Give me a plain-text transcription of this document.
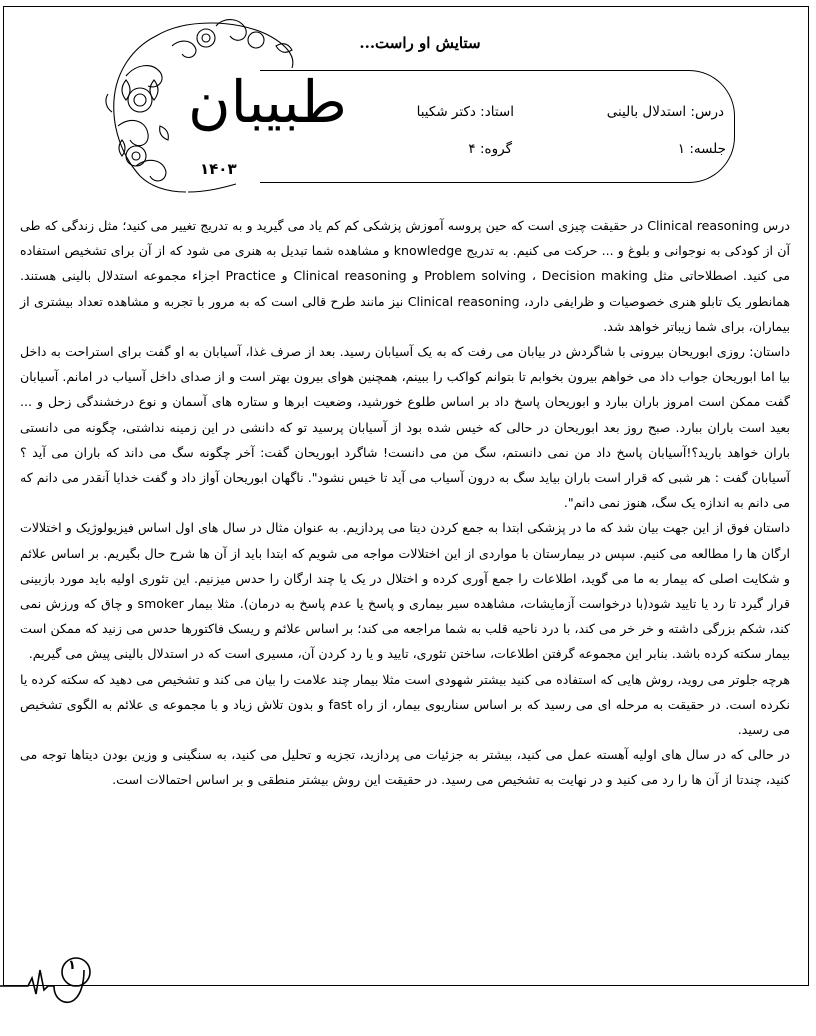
طبیبان
۱۴۰۳
ستایش او راست...
درس: استدلال بالینی
استاد: دکتر شکیبا
جلسه: ۱
گروه: ۴

درس Clinical reasoning در حقیقت چیزی است که حین پروسه آموزش پزشکی کم کم یاد می گیرید و به تدریج تغییر می کنید؛ مثل زندگی که طی آن از کودکی به نوجوانی و بلوغ و ... حرکت می کنیم. به تدریج knowledge و مشاهده شما تبدیل به هنری می شود که از آن برای تشخیص استفاده می کنید. اصطلاحاتی مثل Problem solving ، Decision making و Clinical reasoning و Practice اجزاء مجموعه استدلال بالینی هستند. همانطور یک تابلو هنری خصوصیات و ظرایفی دارد، Clinical reasoning نیز مانند طرح قالی است که به مرور با تجربه و مشاهده تعداد بیشتری از بیماران، برای شما زیباتر خواهد شد.

داستان: روزی ابوریحان بیرونی با شاگردش در بیابان می رفت که به یک آسیابان رسید. بعد از صرف غذا، آسیابان به او گفت برای استراحت به داخل بیا اما ابوریحان جواب داد می خواهم بیرون بخوابم تا بتوانم کواکب را ببینم، همچنین هوای بیرون بهتر است و از صدای داخل آسیاب در امانم. آسیابان گفت ممکن است امروز باران ببارد و ابوریحان پاسخ داد بر اساس طلوع خورشید، وضعیت ابرها و ستاره های آسمان و نوع درخشندگی زحل و ... بعید است باران ببارد. صبح روز بعد ابوریحان در حالی که خیس شده بود از آسیابان پرسید تو که دانشی در این زمینه نداشتی، چگونه می دانستی باران خواهد بارید؟!آسیابان پاسخ داد من نمی دانستم، سگ من می دانست! شاگرد ابوریحان گفت: آخر چگونه سگ می داند که باران می آید ؟ آسیابان گفت : هر شبی که قرار است باران بیاید سگ به درون آسیاب می آید تا خیس نشود". ناگهان ابوریحان آواز داد و گفت خدایا آنقدر می دانم که می دانم به اندازه یک سگ، هنوز نمی دانم".

داستان فوق از این جهت بیان شد که ما در پزشکی ابتدا به جمع کردن دیتا می پردازیم. به عنوان مثال در سال های اول اساس فیزیولوژیک و اختلالات ارگان ها را مطالعه می کنیم. سپس در بیمارستان با مواردی از این اختلالات مواجه می شویم که ابتدا باید از آن ها شرح حال بگیریم. بر اساس علائم و شکایت اصلی که بیمار به ما می گوید، اطلاعات را جمع آوری کرده و اختلال در یک یا چند ارگان را حدس میزنیم. این تئوری اولیه باید مورد بازبینی قرار گیرد تا رد یا تایید شود(با درخواست آزمایشات، مشاهده سیر بیماری و پاسخ یا عدم پاسخ به درمان). مثلا بیمار smoker و چاق که ورزش نمی کند، شکم بزرگی داشته و خر خر می کند، با درد ناحیه قلب به شما مراجعه می کند؛ بر اساس علائم و ریسک فاکتورها حدس می زنید که ممکن است بیمار سکته کرده باشد. بنابر این مجموعه گرفتن اطلاعات، ساختن تئوری، تایید و یا رد کردن آن، مسیری است که در استدلال بالینی پیش می گیریم.

هرچه جلوتر می روید، روش هایی که استفاده می کنید بیشتر شهودی است مثلا بیمار چند علامت را بیان می کند و تشخیص می دهید که سکته کرده یا نکرده است. در حقیقت به مرحله ای می رسید که بر اساس سناریوی بیمار، از راه fast و بدون تلاش زیاد و با مجموعه ی علائم به الگوی تشخیص می رسید.

در حالی که در سال های اولیه آهسته عمل می کنید، بیشتر به جزئیات می پردازید، تجزیه و تحلیل می کنید، به سنگینی و وزین بودن دیتاها توجه می کنید، چندتا از آن ها را رد می کنید و در نهایت به تشخیص می رسید. در حقیقت این روش بیشتر منطقی و بر اساس احتمالات است.

۱
